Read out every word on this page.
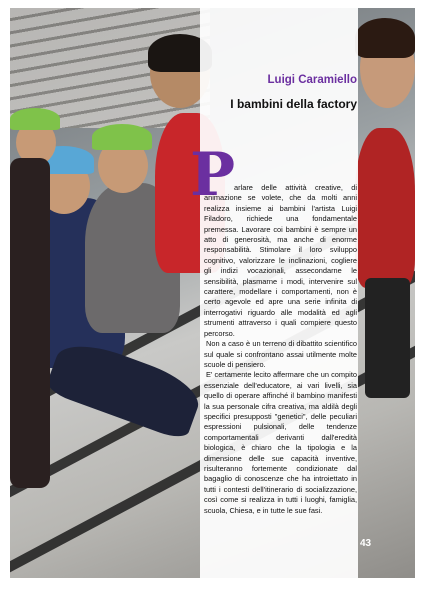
Luigi Caramiello
I bambini della factory
P

arlare delle attività creative, di animazione se volete, che da molti anni realizza insieme ai bambini l'artista Luigi Filadoro, richiede una fondamentale premessa. Lavorare coi bambini è sempre un atto di generosità, ma anche di enorme responsabilità. Stimolare il loro sviluppo cognitivo, valorizzare le inclinazioni, cogliere gli indizi vocazionali, assecondarne le sensibilità, plasmarne i modi, intervenire sul carattere, modellare i comportamenti, non è certo agevole ed apre una serie infinita di interrogativi riguardo alle modalità ed agli strumenti attraverso i quali compiere questo percorso.

Non a caso è un terreno di dibattito scientifico sul quale si confrontano assai utilmente molte scuole di pensiero.

E' certamente lecito affermare che un compito essenziale dell'educatore, ai vari livelli, sia quello di operare affinché il bambino manifesti la sua personale cifra creativa, ma aldilà degli specifici presupposti "genetici", delle peculiari espressioni pulsionali, delle tendenze comportamentali derivanti dall'eredità biologica, è chiaro che la tipologia e la dimensione delle sue capacità inventive, risulteranno fortemente condizionate dal bagaglio di conoscenze che ha introiettato in tutti i contesti dell'itinerario di socializzazione, così come si realizza in tutti i luoghi, famiglia, scuola, Chiesa, e in tutte le sue fasi.

43
